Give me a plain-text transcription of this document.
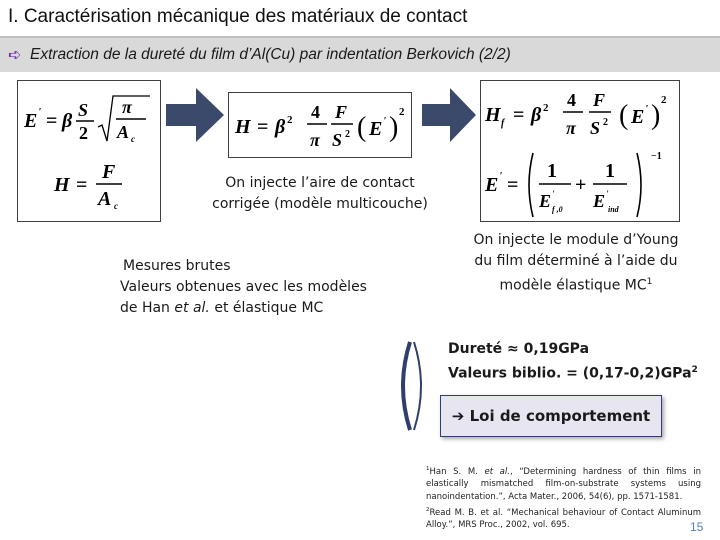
I. Caractérisation mécanique des matériaux de contact
➪ Extraction de la dureté du film d’Al(Cu) par indentation Berkovich (2/2)
E ' = β S
2
π
A c
H =
F
A c
H = β 2 4
π
F
S 2 ( E ' ) 2	H f = β 2 4
π
F
S 2 ( E ' ) 2
E ' =
1
E '
f ,0
+
1
E '
ind
−1
On injecte l’aire de contact
corrigée (modèle multicouche)
On injecte le module d’Young
du film déterminé à l’aide du
modèle élastique $MC^1$
Mesures brutes
Valeurs obtenues avec les modèles
de Han et al. et élastique MC
Dureté ≈ 0,19GPa
Valeurs biblio. = (0,17-0,2)GPa$^2$
➔ Loi de comportement
$^1$Han S. M. et al., “Determining hardness of thin films in elastically mismatched film-on-substrate systems using nanoindentation.”, Acta Mater., 2006, 54(6), pp. 1571-1581.
$^2$Read M. B. et al. “Mechanical behaviour of Contact Aluminum Alloy.”, MRS Proc., 2002, vol. 695.	15
